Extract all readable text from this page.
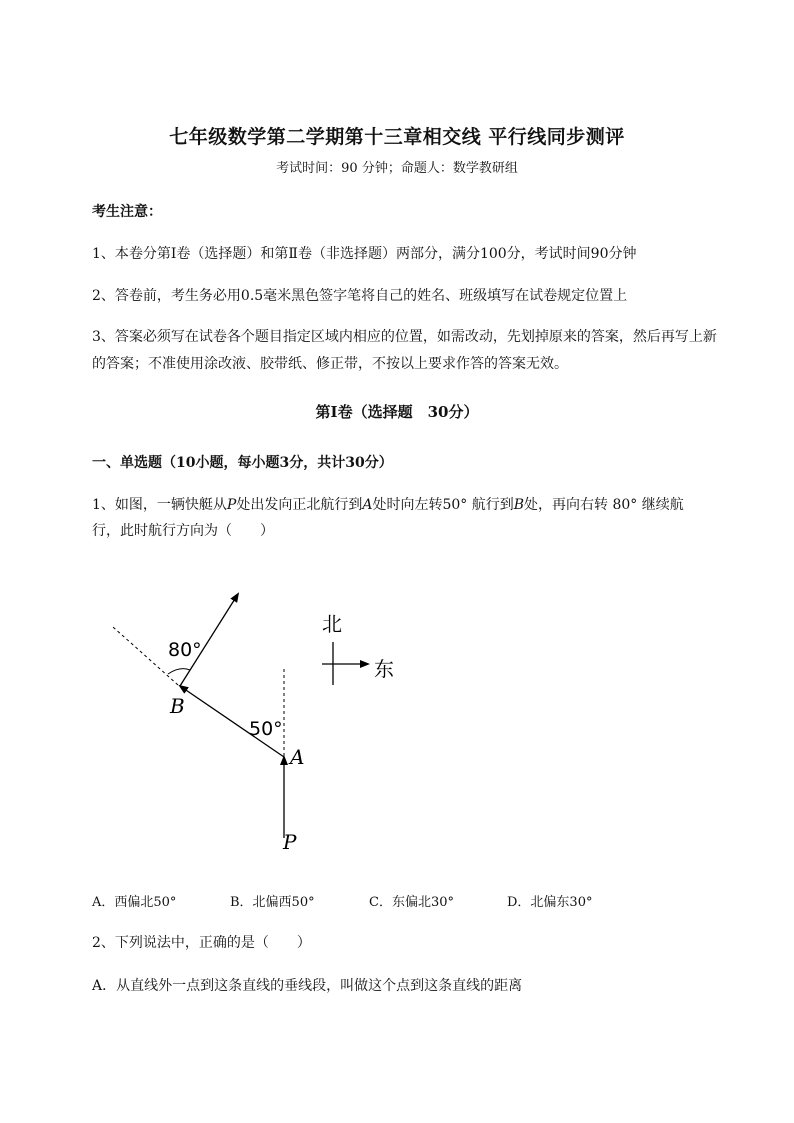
七年级数学第二学期第十三章相交线 平行线同步测评
考试时间：90 分钟；命题人：数学教研组
考生注意：
1、本卷分第I卷（选择题）和第Ⅱ卷（非选择题）两部分，满分100分，考试时间90分钟
2、答卷前，考生务必用0.5毫米黑色签字笔将自己的姓名、班级填写在试卷规定位置上
3、答案必须写在试卷各个题目指定区域内相应的位置，如需改动，先划掉原来的答案，然后再写上新
的答案；不准使用涂改液、胶带纸、修正带，不按以上要求作答的答案无效。
第I卷（选择题　30分）
一、单选题（10小题，每小题3分，共计30分）
1、如图，一辆快艇从P处出发向正北航行到A处时向左转50° 航行到B处，再向右转 80° 继续航
行，此时航行方向为（　　）
80°
50°
B
A
P
北
东
A．西偏北50°	B．北偏西50°	C．东偏北30°	D．北偏东30°
2、下列说法中，正确的是（　　）
A．从直线外一点到这条直线的垂线段，叫做这个点到这条直线的距离
